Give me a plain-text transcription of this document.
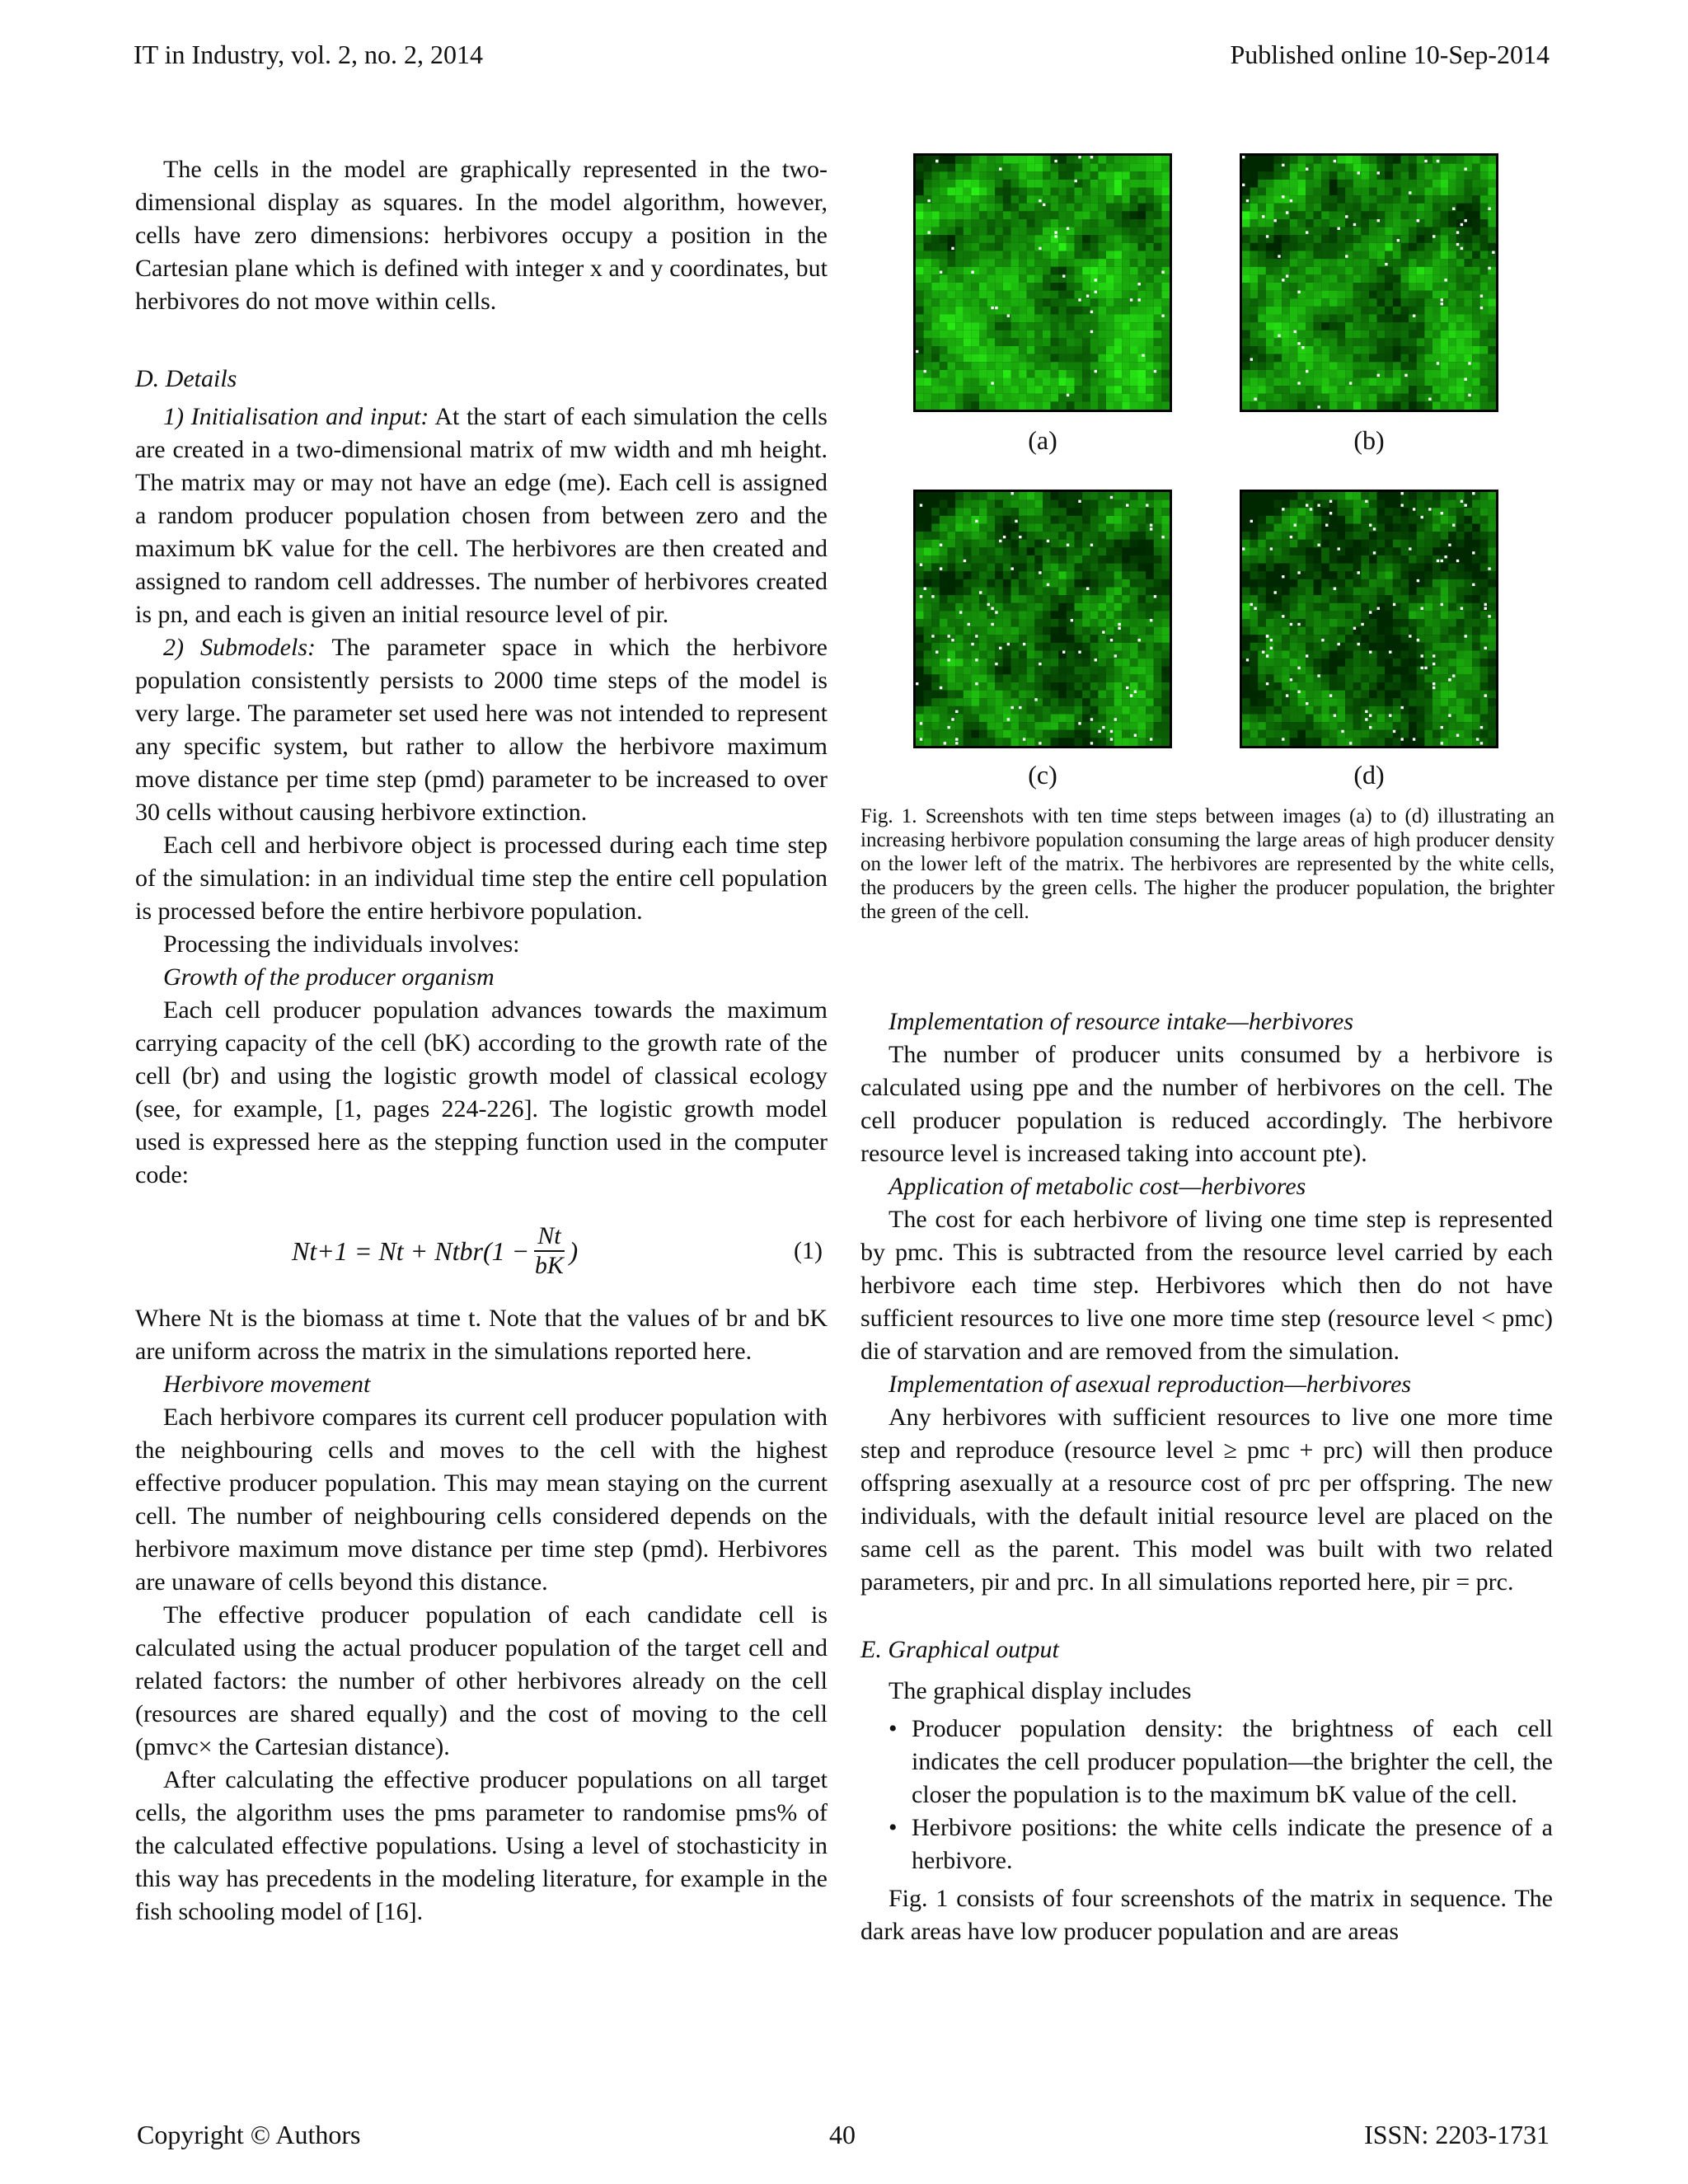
IT in Industry, vol. 2, no. 2, 2014	Published online 10-Sep-2014

The cells in the model are graphically represented in the two-dimensional display as squares. In the model algorithm, however, cells have zero dimensions: herbivores occupy a position in the Cartesian plane which is defined with integer x and y coordinates, but herbivores do not move within cells.

D. Details

1) Initialisation and input: At the start of each simulation the cells are created in a two-dimensional matrix of mw width and mh height. The matrix may or may not have an edge (me). Each cell is assigned a random producer population chosen from between zero and the maximum bK value for the cell. The herbivores are then created and assigned to random cell addresses. The number of herbivores created is pn, and each is given an initial resource level of pir.

2) Submodels: The parameter space in which the herbivore population consistently persists to 2000 time steps of the model is very large. The parameter set used here was not intended to represent any specific system, but rather to allow the herbivore maximum move distance per time step (pmd) parameter to be increased to over 30 cells without causing herbivore extinction.

Each cell and herbivore object is processed during each time step of the simulation: in an individual time step the entire cell population is processed before the entire herbivore population.

Processing the individuals involves:

Growth of the producer organism

Each cell producer population advances towards the maximum carrying capacity of the cell (bK) according to the growth rate of the cell (br) and using the logistic growth model of classical ecology (see, for example, [1, pages 224-226]. The logistic growth model used is expressed here as the stepping function used in the computer code:

Nt+1 = Nt + Ntbr(1 − $\frac{Nt}{bK}$ )	(1)

Where Nt is the biomass at time t. Note that the values of br and bK are uniform across the matrix in the simulations reported here.

Herbivore movement

Each herbivore compares its current cell producer population with the neighbouring cells and moves to the cell with the highest effective producer population. This may mean staying on the current cell. The number of neighbouring cells considered depends on the herbivore maximum move distance per time step (pmd). Herbivores are unaware of cells beyond this distance.

The effective producer population of each candidate cell is calculated using the actual producer population of the target cell and related factors: the number of other herbivores already on the cell (resources are shared equally) and the cost of moving to the cell (pmvc× the Cartesian distance).

After calculating the effective producer populations on all target cells, the algorithm uses the pms parameter to randomise pms% of the calculated effective populations. Using a level of stochasticity in this way has precedents in the modeling literature, for example in the fish schooling model of [16].

(a)	(b)
(c)	(d)
Fig. 1. Screenshots with ten time steps between images (a) to (d) illustrating an increasing herbivore population consuming the large areas of high producer density on the lower left of the matrix. The herbivores are represented by the white cells, the producers by the green cells. The higher the producer population, the brighter the green of the cell.

Implementation of resource intake—herbivores

The number of producer units consumed by a herbivore is calculated using ppe and the number of herbivores on the cell. The cell producer population is reduced accordingly. The herbivore resource level is increased taking into account pte).

Application of metabolic cost—herbivores

The cost for each herbivore of living one time step is represented by pmc. This is subtracted from the resource level carried by each herbivore each time step. Herbivores which then do not have sufficient resources to live one more time step (resource level < pmc) die of starvation and are removed from the simulation.

Implementation of asexual reproduction—herbivores

Any herbivores with sufficient resources to live one more time step and reproduce (resource level ≥ pmc + prc) will then produce offspring asexually at a resource cost of prc per offspring. The new individuals, with the default initial resource level are placed on the same cell as the parent. This model was built with two related parameters, pir and prc. In all simulations reported here, pir = prc.

E. Graphical output

The graphical display includes

• Producer population density: the brightness of each cell indicates the cell producer population—the brighter the cell, the closer the population is to the maximum bK value of the cell.
• Herbivore positions: the white cells indicate the presence of a herbivore.

Fig. 1 consists of four screenshots of the matrix in sequence. The dark areas have low producer population and are areas

Copyright © Authors	40	ISSN: 2203-1731
